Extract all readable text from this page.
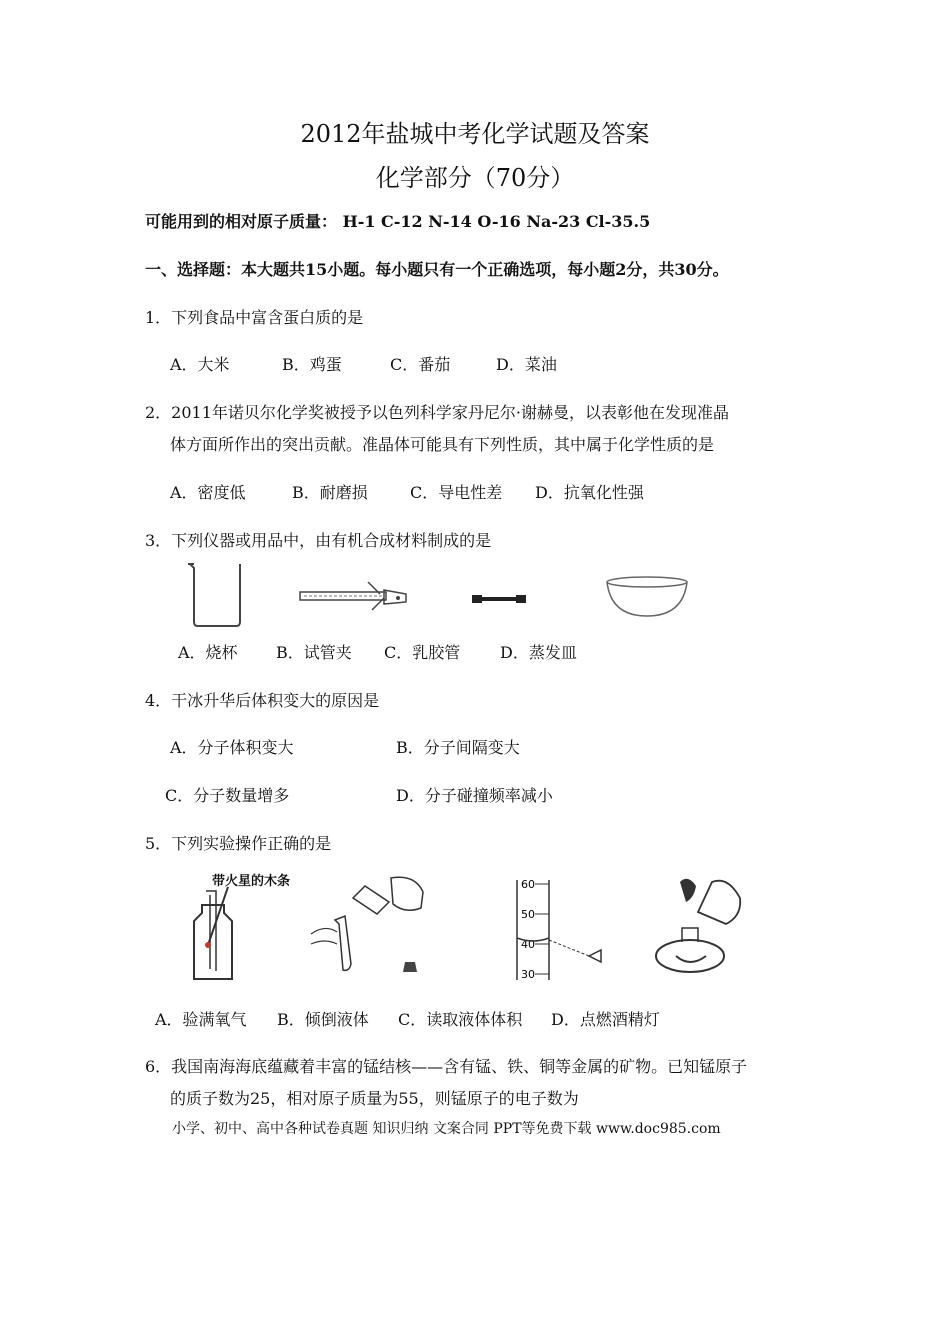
2012年盐城中考化学试题及答案
化学部分（70分）
可能用到的相对原子质量： H-1 C-12 N-14 O-16 Na-23 Cl-35.5
一、选择题：本大题共15小题。每小题只有一个正确选项，每小题2分，共30分。
1．下列食品中富含蛋白质的是
A．大米	B．鸡蛋	C．番茄	D．菜油
2．2011年诺贝尔化学奖被授予以色列科学家丹尼尔·谢赫曼，以表彰他在发现准晶
体方面所作出的突出贡献。准晶体可能具有下列性质，其中属于化学性质的是
A．密度低	B．耐磨损	C．导电性差 D．抗氧化性强
3．下列仪器或用品中，由有机合成材料制成的是
A．烧杯 B．试管夹 C．乳胶管 D．蒸发皿
4．干冰升华后体积变大的原因是
A．分子体积变大	B．分子间隔变大
C．分子数量增多	D．分子碰撞频率减小
5．下列实验操作正确的是
带火星的木条	60
50
40
30
A．验满氧气 B．倾倒液体 C．读取液体体积 D．点燃酒精灯
6．我国南海海底蕴藏着丰富的锰结核——含有锰、铁、铜等金属的矿物。已知锰原子
的质子数为25，相对原子质量为55，则锰原子的电子数为
小学、初中、高中各种试卷真题 知识归纳 文案合同 PPT等免费下载 www.doc985.com
